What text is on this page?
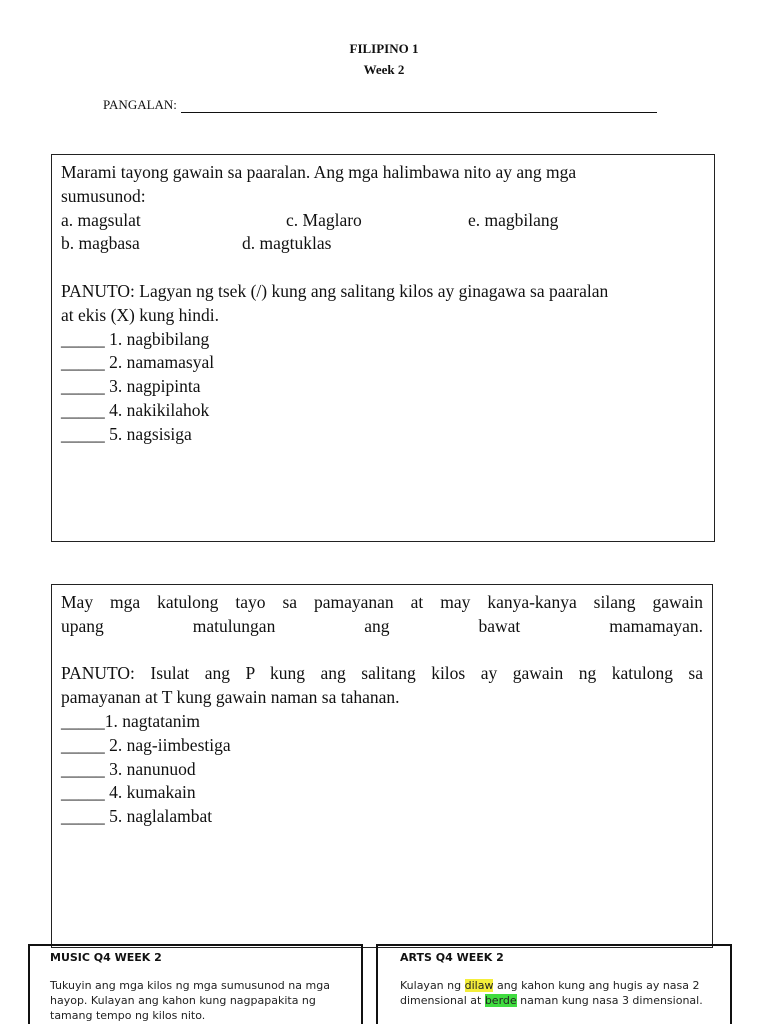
FILIPINO 1
Week 2
PANGALAN:
Marami tayong gawain sa paaralan. Ang mga halimbawa nito ay ang mga
sumusunod:
a. magsulat	c. Maglaro	e. magbilang
b. magbasa	d. magtuklas
PANUTO: Lagyan ng tsek (/) kung ang salitang kilos ay ginagawa sa paaralan
at ekis (X) kung hindi.
_____ 1. nagbibilang
_____ 2. namamasyal
_____ 3. nagpipinta
_____ 4. nakikilahok
_____ 5. nagsisiga
May mga katulong tayo sa pamayanan at may kanya-kanya silang gawain
upang matulungan ang bawat mamamayan.
PANUTO: Isulat ang P kung ang salitang kilos ay gawain ng katulong sa
pamayanan at T kung gawain naman sa tahanan.
_____1. nagtatanim
_____ 2. nag-iimbestiga
_____ 3. nanunuod
_____ 4. kumakain
_____ 5. naglalambat
MUSIC Q4 WEEK 2
Tukuyin ang mga kilos ng mga sumusunod na mga hayop. Kulayan ang kahon kung nagpapakita ng tamang tempo ng kilos nito.
ARTS Q4 WEEK 2
Kulayan ng dilaw ang kahon kung ang hugis ay nasa 2 dimensional at berde naman kung nasa 3 dimensional.
